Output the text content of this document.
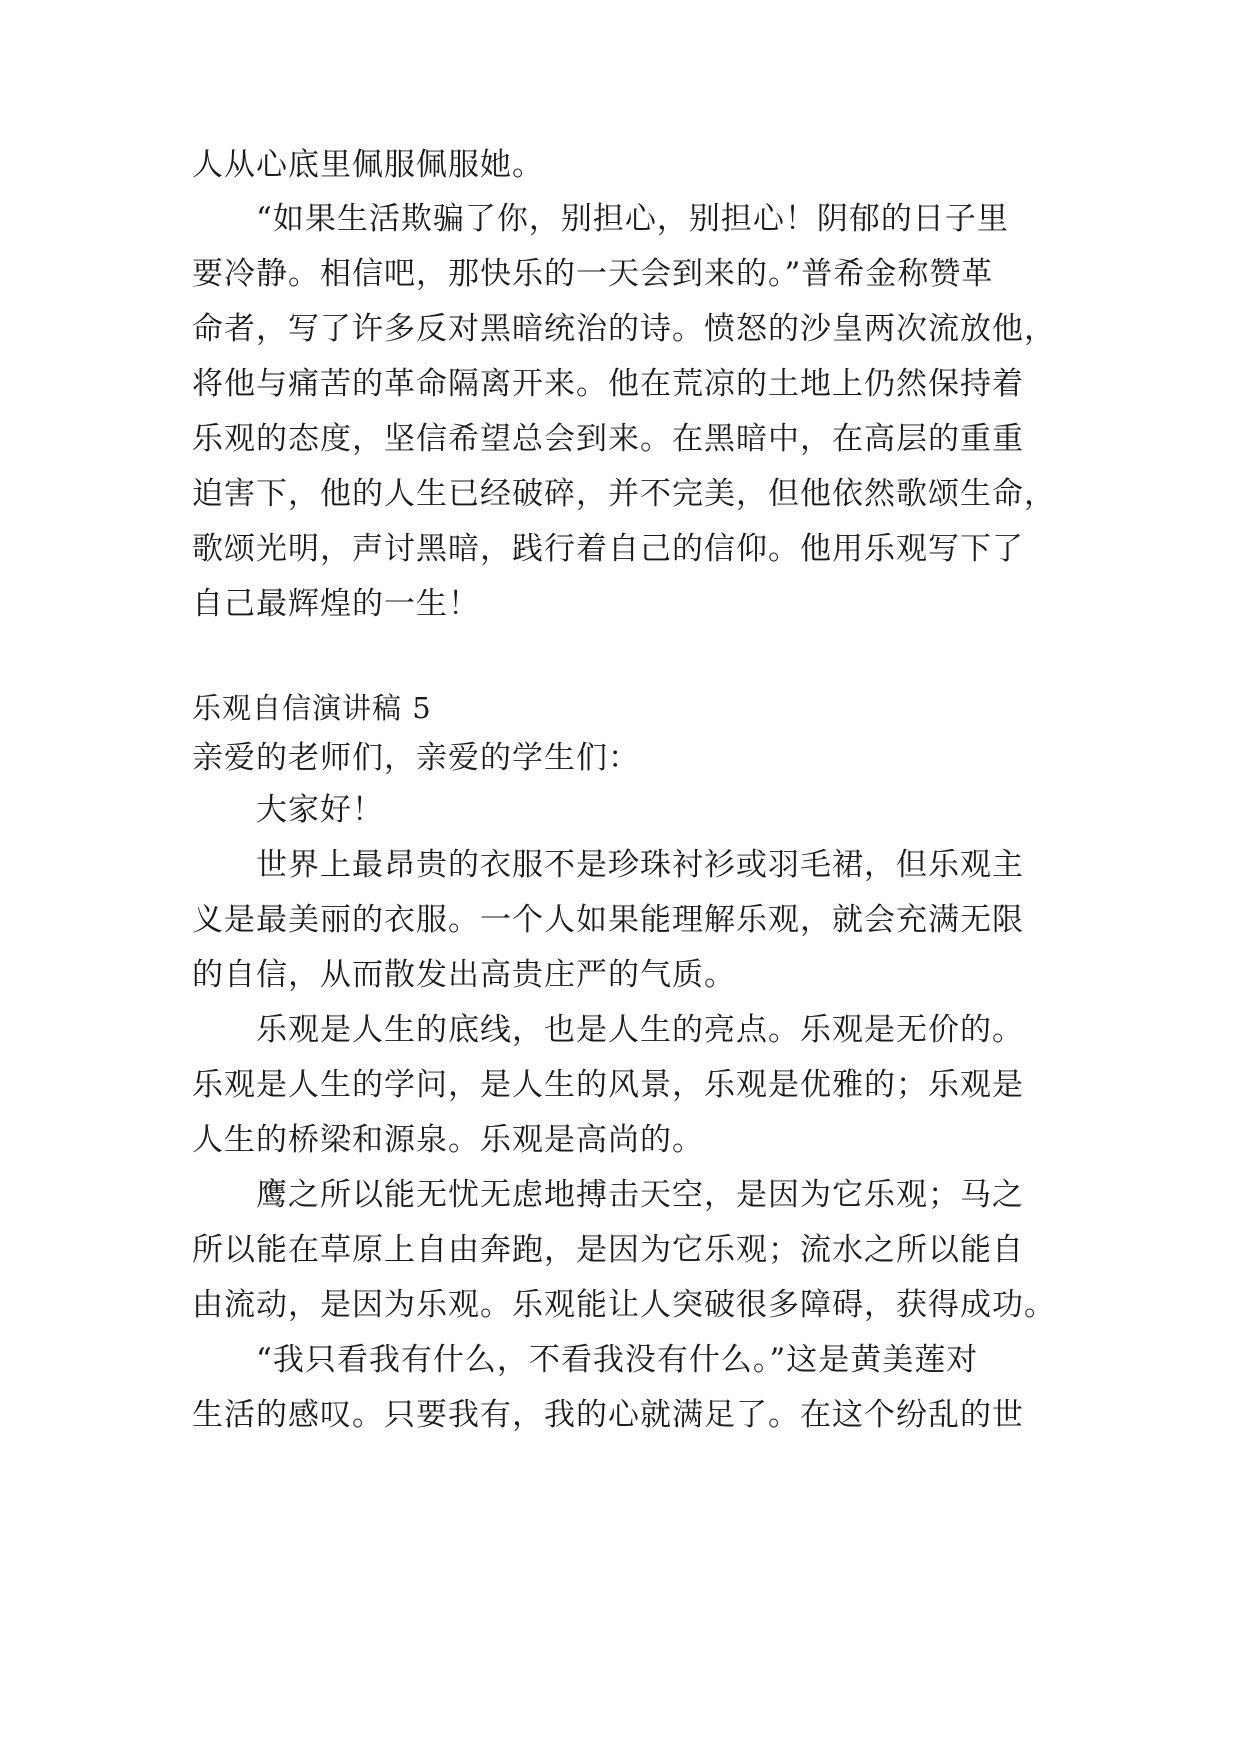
人从心底里佩服佩服她。
“如果生活欺骗了你，别担心，别担心！阴郁的日子里
要冷静。相信吧，那快乐的一天会到来的。”普希金称赞革
命者，写了许多反对黑暗统治的诗。愤怒的沙皇两次流放他，
将他与痛苦的革命隔离开来。他在荒凉的土地上仍然保持着
乐观的态度，坚信希望总会到来。在黑暗中，在高层的重重
迫害下，他的人生已经破碎，并不完美，但他依然歌颂生命，
歌颂光明，声讨黑暗，践行着自己的信仰。他用乐观写下了
自己最辉煌的一生！
乐观自信演讲稿 5
亲爱的老师们，亲爱的学生们：
大家好！
世界上最昂贵的衣服不是珍珠衬衫或羽毛裙，但乐观主
义是最美丽的衣服。一个人如果能理解乐观，就会充满无限
的自信，从而散发出高贵庄严的气质。
乐观是人生的底线，也是人生的亮点。乐观是无价的。
乐观是人生的学问，是人生的风景，乐观是优雅的；乐观是
人生的桥梁和源泉。乐观是高尚的。
鹰之所以能无忧无虑地搏击天空，是因为它乐观；马之
所以能在草原上自由奔跑，是因为它乐观；流水之所以能自
由流动，是因为乐观。乐观能让人突破很多障碍，获得成功。
“我只看我有什么，不看我没有什么。”这是黄美莲对
生活的感叹。只要我有，我的心就满足了。在这个纷乱的世
